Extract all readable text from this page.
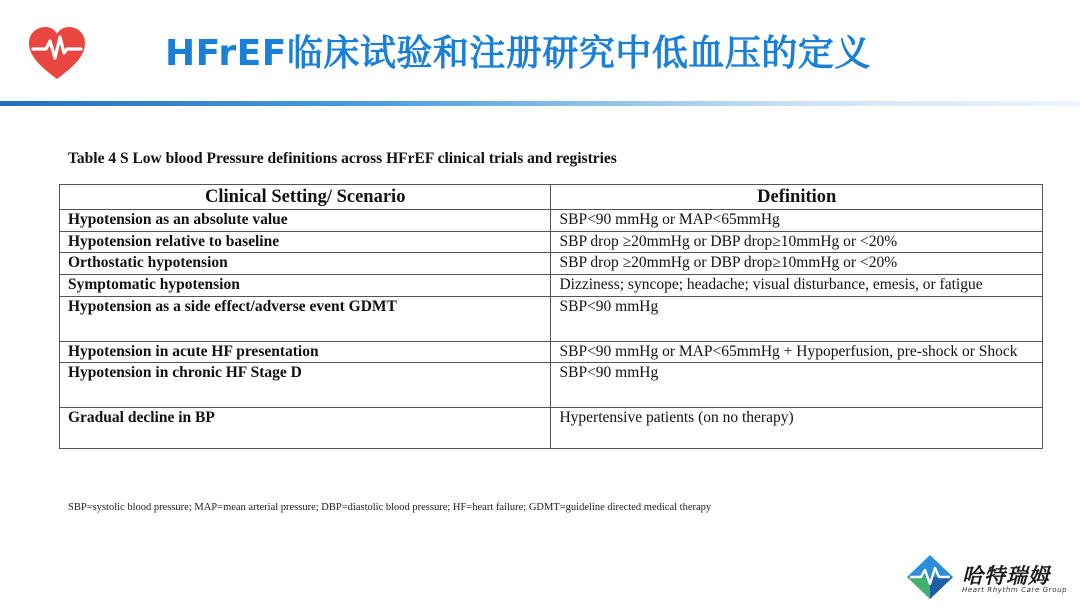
HFrEF临床试验和注册研究中低血压的定义
Table 4 S Low blood Pressure definitions across HFrEF clinical trials and registries
Clinical Setting/ Scenario	Definition
Hypotension as an absolute value	SBP<90 mmHg or MAP<65mmHg
Hypotension relative to baseline	SBP drop ≥20mmHg or DBP drop≥10mmHg or <20%
Orthostatic hypotension	SBP drop ≥20mmHg or DBP drop≥10mmHg or <20%
Symptomatic hypotension	Dizziness; syncope; headache; visual disturbance, emesis, or fatigue
Hypotension as a side effect/adverse event GDMT	SBP<90 mmHg
Hypotension in acute HF presentation	SBP<90 mmHg or MAP<65mmHg + Hypoperfusion, pre-shock or Shock
Hypotension in chronic HF Stage D	SBP<90 mmHg
Gradual decline in BP	Hypertensive patients (on no therapy)
SBP=systolic blood pressure; MAP=mean arterial pressure; DBP=diastolic blood pressure; HF=heart failure; GDMT=guideline directed medical therapy
哈特瑞姆
Heart Rhythm Care Group
